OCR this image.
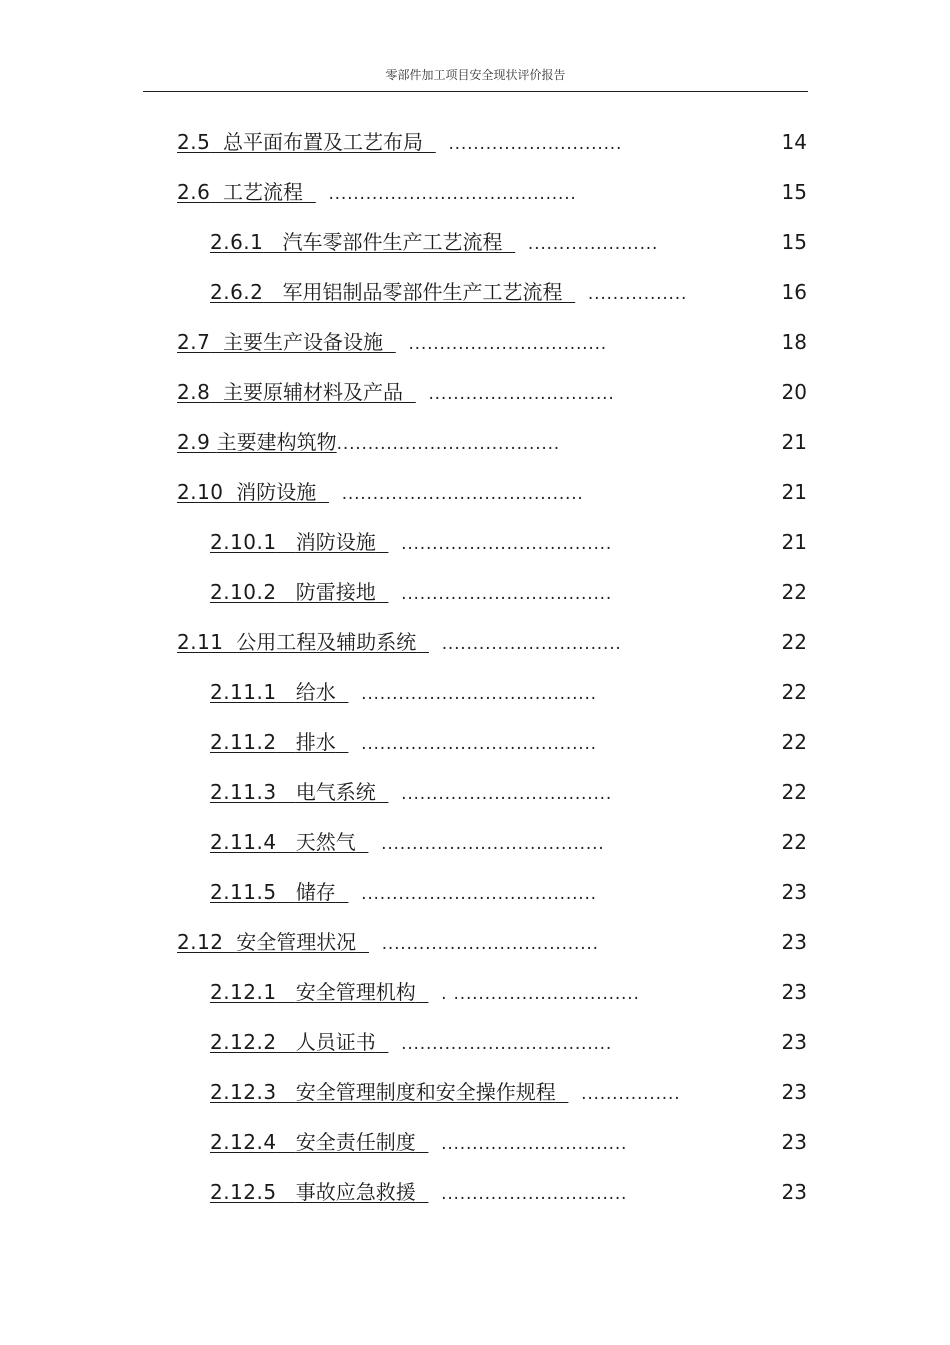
零部件加工项目安全现状评价报告
2.5 总平面布置及工艺布局 ............................	14
2.6 工艺流程 ........................................	15
2.6.1 汽车零部件生产工艺流程 .....................	15
2.6.2 军用铝制品零部件生产工艺流程 ................	16
2.7 主要生产设备设施 ................................	18
2.8 主要原辅材料及产品 ..............................	20
2.9 主要建构筑物....................................	21
2.10 消防设施 .......................................	21
2.10.1 消防设施 ..................................	21
2.10.2 防雷接地 ..................................	22
2.11 公用工程及辅助系统 .............................	22
2.11.1 给水 ......................................	22
2.11.2 排水 ......................................	22
2.11.3 电气系统 ..................................	22
2.11.4 天然气 ....................................	22
2.11.5 储存 ......................................	23
2.12 安全管理状况 ...................................	23
2.12.1 安全管理机构 . ..............................	23
2.12.2 人员证书 ..................................	23
2.12.3 安全管理制度和安全操作规程 ................	23
2.12.4 安全责任制度 ..............................	23
2.12.5 事故应急救援 ..............................	23
